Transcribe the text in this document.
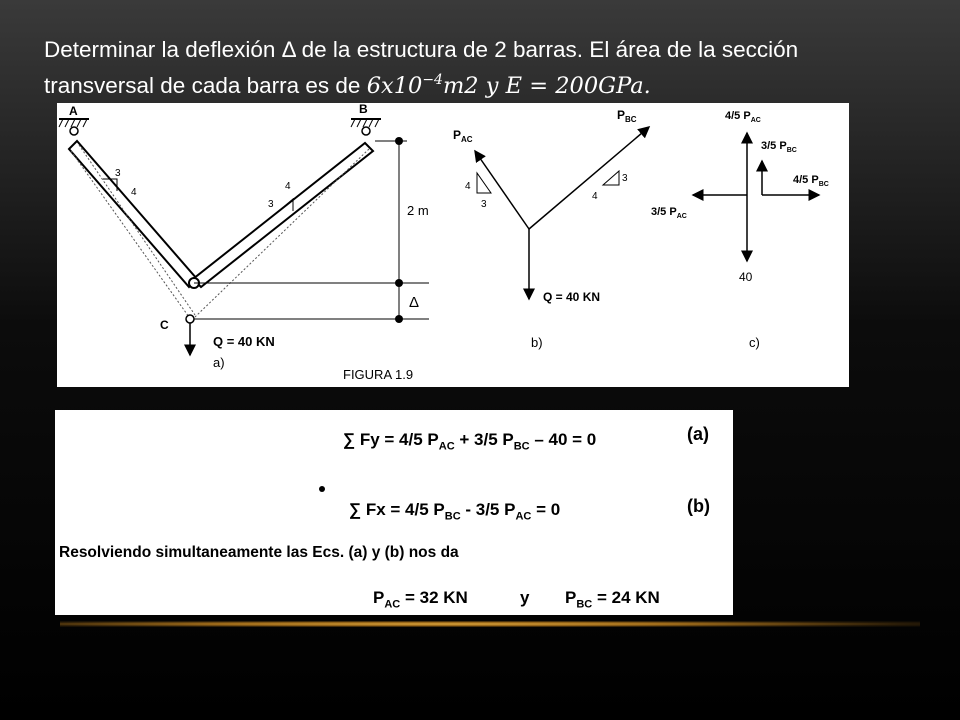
Determinar la deflexión Δ de la estructura de 2 barras. El área de la sección
transversal de cada barra es de $6x10^{-4}m2$ y E = 200GPa.
A	B
C
3
4
4
3	2 m
Δ
Q = 40 KN
a)
FIGURA 1.9
$P_{AC}$
$P_{BC}$
4
3
3
4
Q = 40 KN
b)
4/5 $P_{AC}$
3/5 $P_{BC}$
4/5 $P_{BC}$
3/5 $P_{AC}$
40
c)
∑ Fy = 4/5 $P_{AC} + 3/5$ $P_{BC} - 40 = 0$	(a)
∑ Fx = 4/5 $P_{BC} - 3/5$ $P_{AC} = 0$	(b)
Resolviendo simultaneamente las Ecs. (a) y (b) nos da
$P_{AC} = 32$ KN	y $P_{BC} = 24$ KN
